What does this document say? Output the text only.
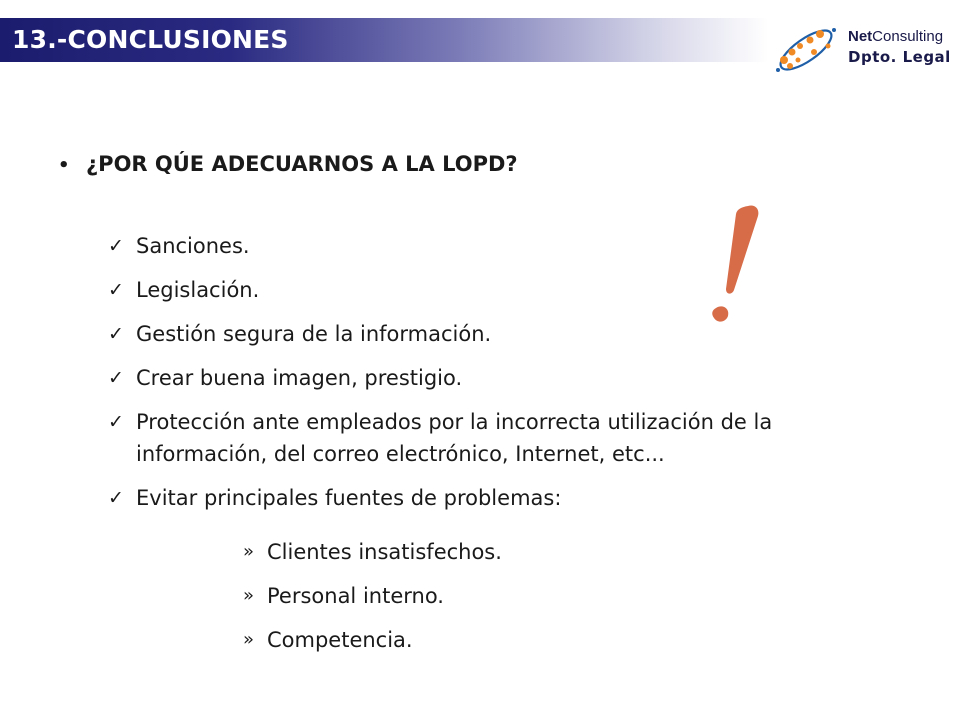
13.-CONCLUSIONES	NetConsulting
Dpto. Legal
• ¿POR QÚE ADECUARNOS A LA LOPD?
✓ Sanciones.
✓ Legislación.
✓ Gestión segura de la información.
✓ Crear buena imagen, prestigio.
✓ Protección ante empleados por la incorrecta utilización de la información, del correo electrónico, Internet, etc...
✓ Evitar principales fuentes de problemas:
» Clientes insatisfechos.
» Personal interno.
» Competencia.
